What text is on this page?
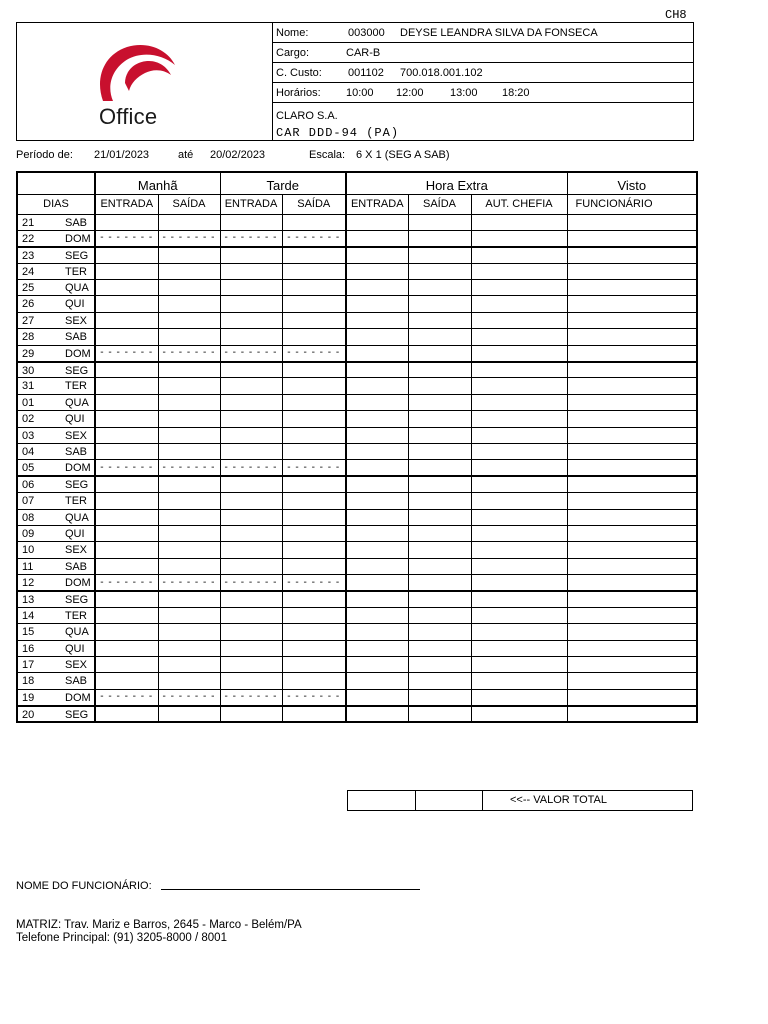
CH8
Office
Nome:	003000 DEYSE LEANDRA SILVA DA FONSECA
Cargo:	CAR-B
C. Custo: 001102 700.018.001.102
Horários: 10:00 12:00 13:00 18:20
CLARO S.A.
CAR DDD-94 (PA)
Período de: 21/01/2023	até 20/02/2023	Escala: 6 X 1 (SEG A SAB)
	Manhã		Tarde		Hora Extra			Visto
DIAS	ENTRADA	SAÍDA	ENTRADA	SAÍDA	ENTRADA	SAÍDA	AUT. CHEFIA	FUNCIONÁRIO

21 SAB								

22 DOM	- - - - - - -	- - - - - - -	- - - - - - -	- - - - - - -				

23 SEG								

24 TER								

25 QUA								

26 QUI								

27 SEX								

28 SAB								

29 DOM	- - - - - - -	- - - - - - -	- - - - - - -	- - - - - - -				

30 SEG								

31 TER								

01 QUA								

02 QUI								

03 SEX								

04 SAB								

05 DOM	- - - - - - -	- - - - - - -	- - - - - - -	- - - - - - -				

06 SEG								

07 TER								

08 QUA								

09 QUI								

10 SEX								

11 SAB								

12 DOM	- - - - - - -	- - - - - - -	- - - - - - -	- - - - - - -				

13 SEG								

14 TER								

15 QUA								

16 QUI								

17 SEX								

18 SAB								

19 DOM	- - - - - - -	- - - - - - -	- - - - - - -	- - - - - - -				

20 SEG								

<<-- VALOR TOTAL
NOME DO FUNCIONÁRIO:
MATRIZ: Trav. Mariz e Barros, 2645 - Marco - Belém/PA
Telefone Principal: (91) 3205-8000 / 8001
